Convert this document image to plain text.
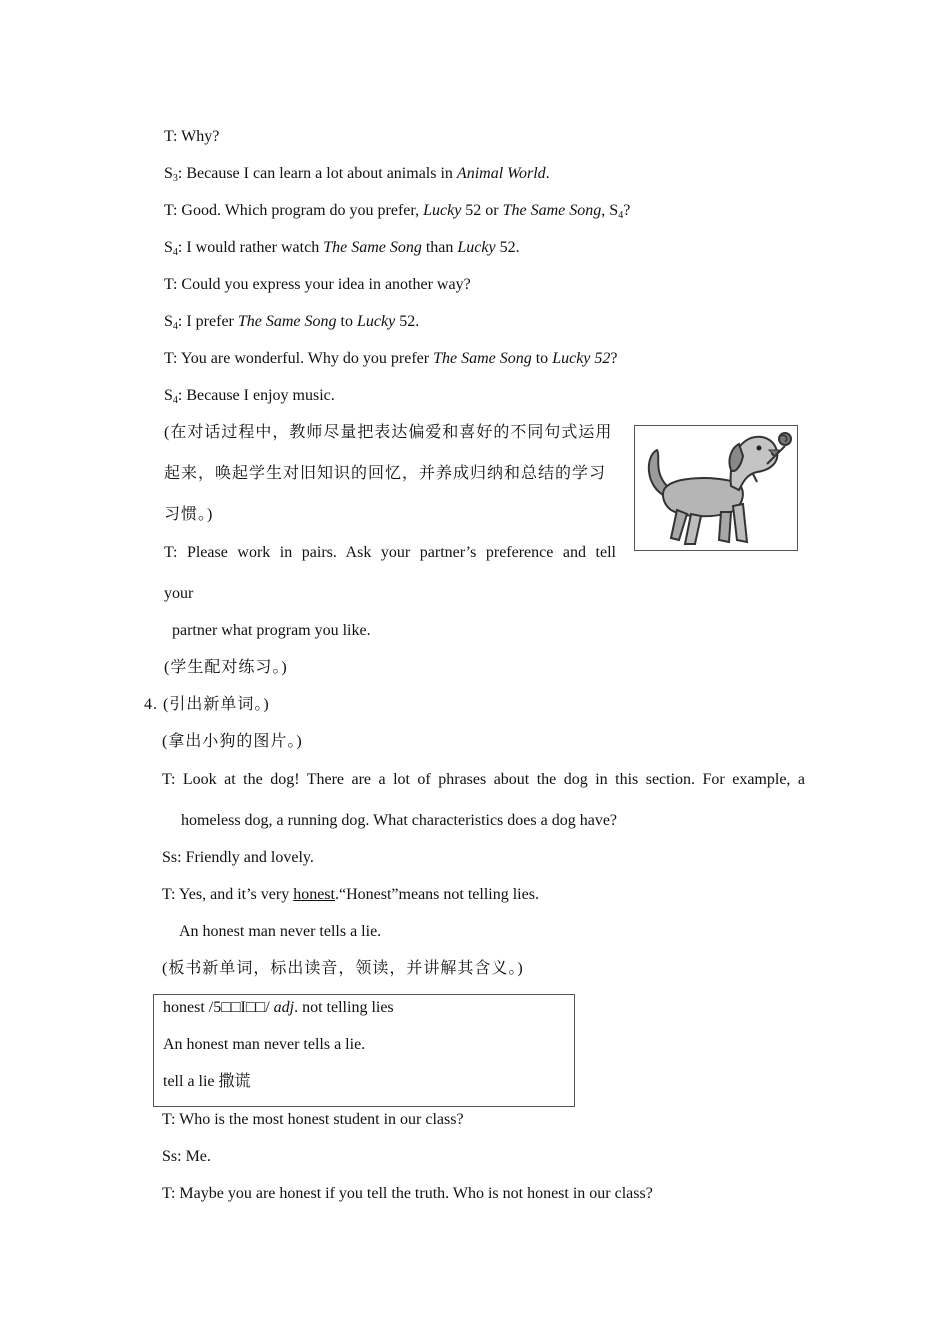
T: Why?
$S_3$: Because I can learn a lot about animals in Animal World.
T: Good. Which program do you prefer, Lucky 52 or The Same Song, $S_4$?
$S_4$: I would rather watch The Same Song than Lucky 52.
T: Could you express your idea in another way?
$S_4$: I prefer The Same Song to Lucky 52.
T: You are wonderful. Why do you prefer The Same Song to Lucky 52?
$S_4$: Because I enjoy music.
(在对话过程中，教师尽量把表达偏爱和喜好的不同句式运用
起来，唤起学生对旧知识的回忆，并养成归纳和总结的学习
习惯。)
T: Please work in pairs. Ask your partner’s preference and tell
your
partner what program you like.
(学生配对练习。)
4. (引出新单词。)
(拿出小狗的图片。)
T: Look at the dog! There are a lot of phrases about the dog in this section. For example, a
homeless dog, a running dog. What characteristics does a dog have?
Ss: Friendly and lovely.
T: Yes, and it’s very honest.“Honest”means not telling lies.
An honest man never tells a lie.
(板书新单词，标出读音，领读，并讲解其含义。)
honest /5□□I□□/ adj. not telling lies
An honest man never tells a lie.
tell a lie 撒谎
T: Who is the most honest student in our class?
Ss: Me.
T: Maybe you are honest if you tell the truth. Who is not honest in our class?
